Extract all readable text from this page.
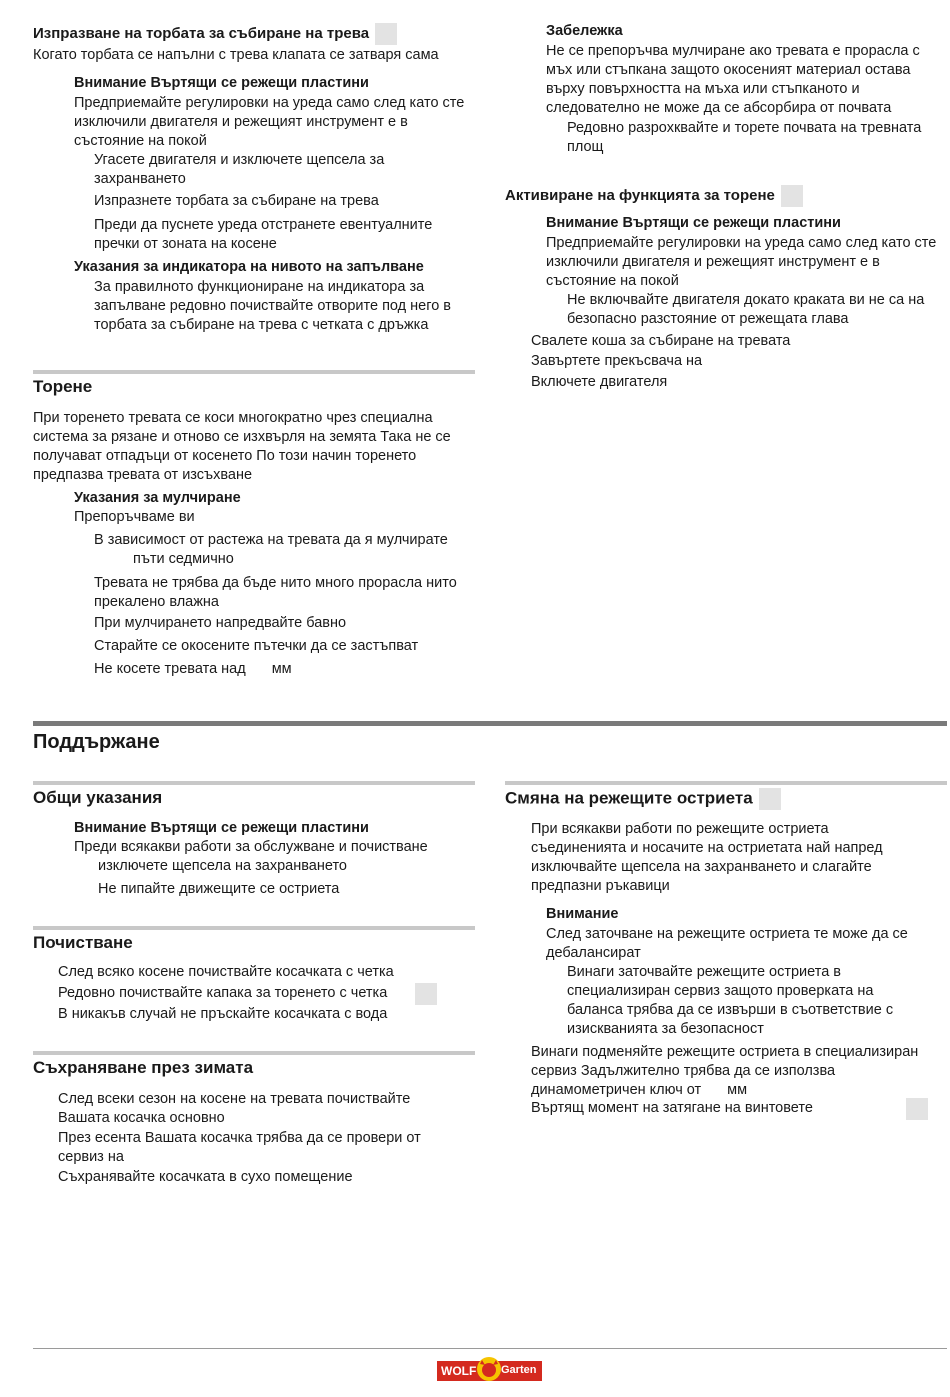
Изпразване на торбата за събиране на трева
Когато торбата се напълни с трева клапата се затваря сама
Внимание Въртящи се режещи пластини
Предприемайте регулировки на уреда само след като сте изключили двигателя и режещият инструмент е в състояние на покой
Угасете двигателя и изключете щепсела за захранването
Изпразнете торбата за събиране на трева
Преди да пуснете уреда отстранете евентуалните пречки от зоната на косене
Указания за индикатора на нивото на запълване
За правилното функциониране на индикатора за запълване редовно почиствайте отворите под него в торбата за събиране на трева с четката с дръжка
Торене
При торенето тревата се коси многократно чрез специална система за рязане и отново се изхвърля на земята Така не се получават отпадъци от косенето По този начин торенето предпазва тревата от изсъхване
Указания за мулчиране
Препоръчваме ви
В зависимост от растежа на тревата да я мулчирате
пъти седмично
Тревата не трябва да бъде нито много прорасла нито прекалено влажна
При мулчирането напредвайте бавно
Старайте се окосените пътечки да се застъпват
Не косете тревата над мм
Забележка
Не се препоръчва мулчиране ако тревата е прорасла с мъх или стъпкана защото окосеният материал остава върху повърхността на мъха или стъпканото и следователно не може да се абсорбира от почвата
Редовно разрохквайте и торете почвата на тревната площ
Активиране на функцията за торене
Внимание Въртящи се режещи пластини
Предприемайте регулировки на уреда само след като сте изключили двигателя и режещият инструмент е в състояние на покой
Не включвайте двигателя докато краката ви не са на безопасно разстояние от режещата глава
Свалете коша за събиране на тревата
Завъртете прекъсвача на
Включете двигателя
Поддържане
Общи указания
Внимание Въртящи се режещи пластини
Преди всякакви работи за обслужване и почистване
изключете щепсела на захранването
Не пипайте движещите се остриета
Почистване
След всяко косене почиствайте косачката с четка
Редовно почиствайте капака за торенето с четка
В никакъв случай не пръскайте косачката с вода
Съхраняване през зимата
След всеки сезон на косене на тревата почиствайте Вашата косачка основно
През есента Вашата косачка трябва да се провери от сервиз на
Съхранявайте косачката в сухо помещение
Смяна на режещите остриета
При всякакви работи по режещите остриета съединенията и носачите на остриетата най напред изключвайте щепсела на захранването и слагайте предпазни ръкавици
Внимание
След заточване на режещите остриета те може да се дебалансират
Винаги заточвайте режещите остриета в специализиран сервиз защото проверката на баланса трябва да се извърши в съответствие с изискванията за безопасност
Винаги подменяйте режещите остриета в специализиран сервиз Задължително трябва да се използва динамометричен ключ от мм
Въртящ момент на затягане на винтовете
WOLF Garten
